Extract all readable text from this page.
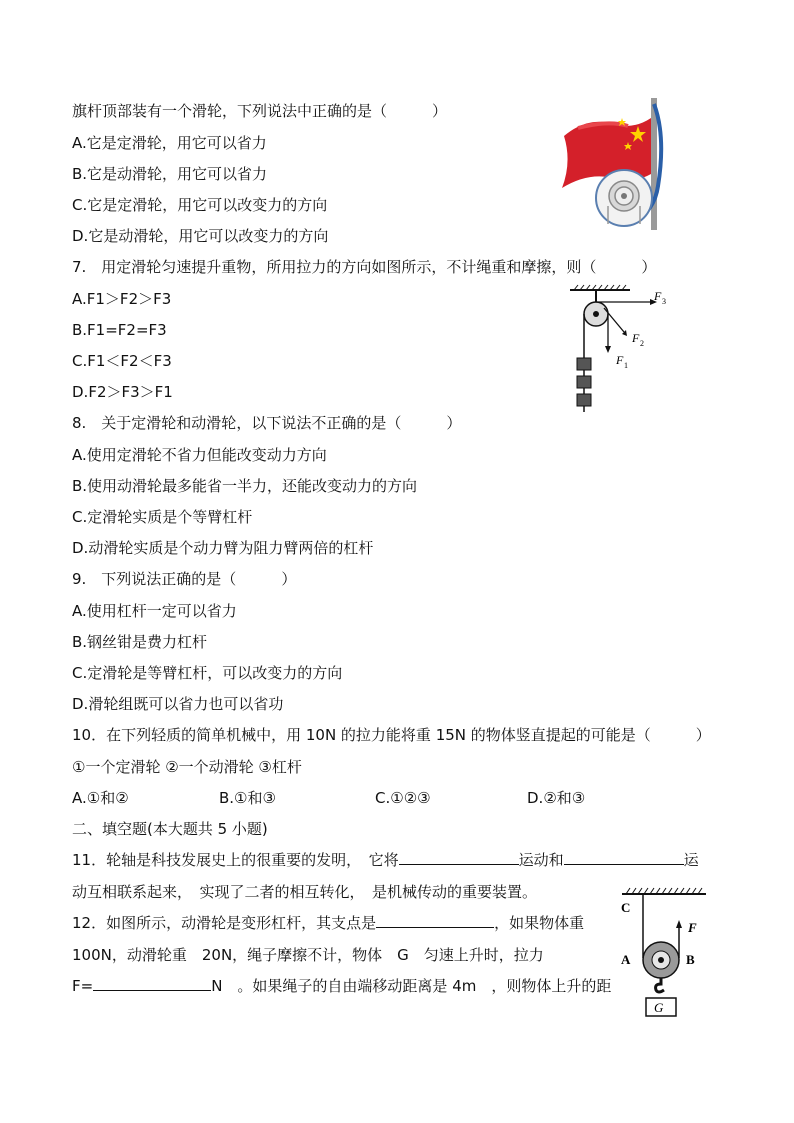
旗杆顶部装有一个滑轮，下列说法中正确的是（　　　）
A.它是定滑轮，用它可以省力
B.它是动滑轮，用它可以省力
C.它是定滑轮，用它可以改变力的方向
D.它是动滑轮，用它可以改变力的方向
7.　用定滑轮匀速提升重物，所用拉力的方向如图所示，不计绳重和摩擦，则（　　　）
A.F1＞F2＞F3
B.F1=F2=F3
C.F1＜F2＜F3
D.F2＞F3＞F1
F 3
F 2
F 1
8.　关于定滑轮和动滑轮，以下说法不正确的是（　　　）
A.使用定滑轮不省力但能改变动力方向
B.使用动滑轮最多能省一半力，还能改变动力的方向
C.定滑轮实质是个等臂杠杆
D.动滑轮实质是个动力臂为阻力臂两倍的杠杆
9.　下列说法正确的是（　　　）
A.使用杠杆一定可以省力
B.钢丝钳是费力杠杆
C.定滑轮是等臂杠杆，可以改变力的方向
D.滑轮组既可以省力也可以省功
10．在下列轻质的简单机械中，用 10N 的拉力能将重 15N 的物体竖直提起的可能是（　　　）
①一个定滑轮 ②一个动滑轮 ③杠杆
A.①和②	B.①和③	C.①②③	D.②和③
二、填空题(本大题共 5 小题)
11．轮轴是科技发展史上的很重要的发明，　它将	运动和	运
动互相联系起来，　实现了二者的相互转化，　是机械传动的重要装置。
12．如图所示，动滑轮是变形杠杆，其支点是	，如果物体重
100N，动滑轮重　20N，绳子摩擦不计，物体　G　匀速上升时，拉力
F=	N　。如果绳子的自由端移动距离是 4m　，则物体上升的距
C
F
A	B
G
